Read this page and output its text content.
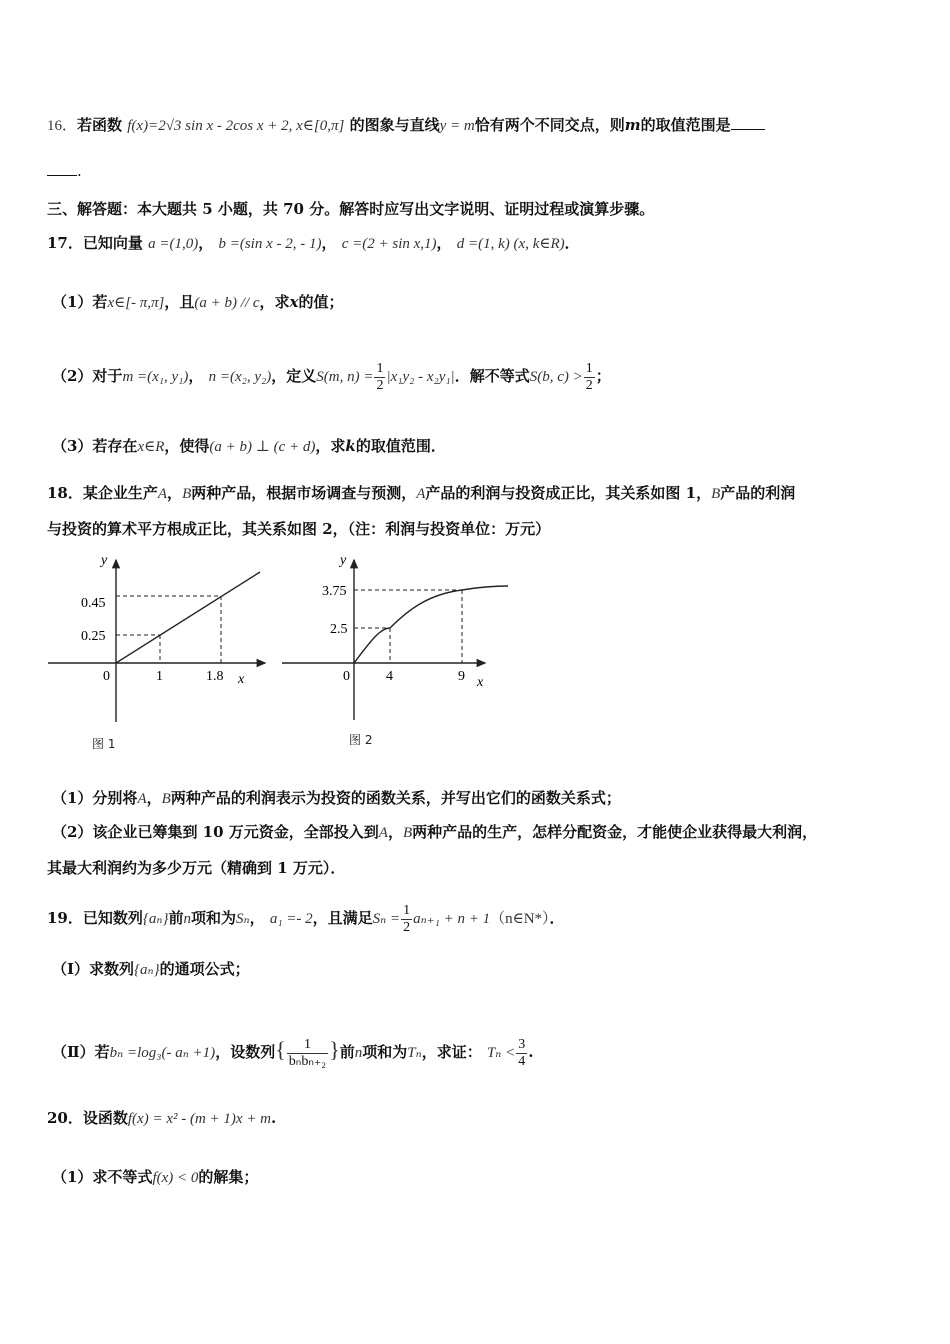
16．若函数 f(x)=2√3 sin x - 2cos x + 2, x∈[0,π] 的图象与直线y = m恰有两个不同交点，则m的取值范围是
.
三、解答题：本大题共 5 小题，共 70 分。解答时应写出文字说明、证明过程或演算步骤。
17．已知向量 a =(1,0)， b =(sin x - 2, - 1)， c =(2 + sin x,1)， d =(1, k) (x, k∈R)．
（1）若x∈[- π,π]，且(a + b) // c，求x的值；
（2）对于m =(x₁, y₁)， n =(x₂, y₂)，定义S(m, $n) = \frac{1}{2} |x_1y_2 - x_2y_1|$．解不等式S(b, $c) > \frac{1}{2}$ ；
（3）若存在x∈R，使得(a + b) ⊥ (c + d)，求k的取值范围．
18．某企业生产A，B两种产品，根据市场调查与预测，A产品的利润与投资成正比，其关系如图 1，B产品的利润
与投资的算术平方根成正比，其关系如图 2，（注：利润与投资单位：万元）
y
0.45
0.25
0	1	1.8 x
图 1
y
3.75
2.5
0	4	9 x
图 2
（1）分别将A，B两种产品的利润表示为投资的函数关系，并写出它们的函数关系式；
（2）该企业已筹集到 10 万元资金，全部投入到A，B两种产品的生产，怎样分配资金，才能使企业获得最大利润，
其最大利润约为多少万元（精确到 1 万元）．
19．已知数列{aₙ}前n项和为Sₙ， a₁ =- 2，且满足$S_n = \frac{1}{2} a_{n+1} + n$ + 1（n∈N*）．
（Ⅰ）求数列{aₙ}的通项公式；
（Ⅱ）若bₙ =log₃(- aₙ +1)，设数列{ $\frac{1}{\text{bₙbₙ₊₂}}$ }前n项和为Tₙ，求证： $T_n < \frac{3}{4}$ .
20．设函数f(x) = x² - (m + 1)x + m.
（1）求不等式f(x) < 0的解集；
